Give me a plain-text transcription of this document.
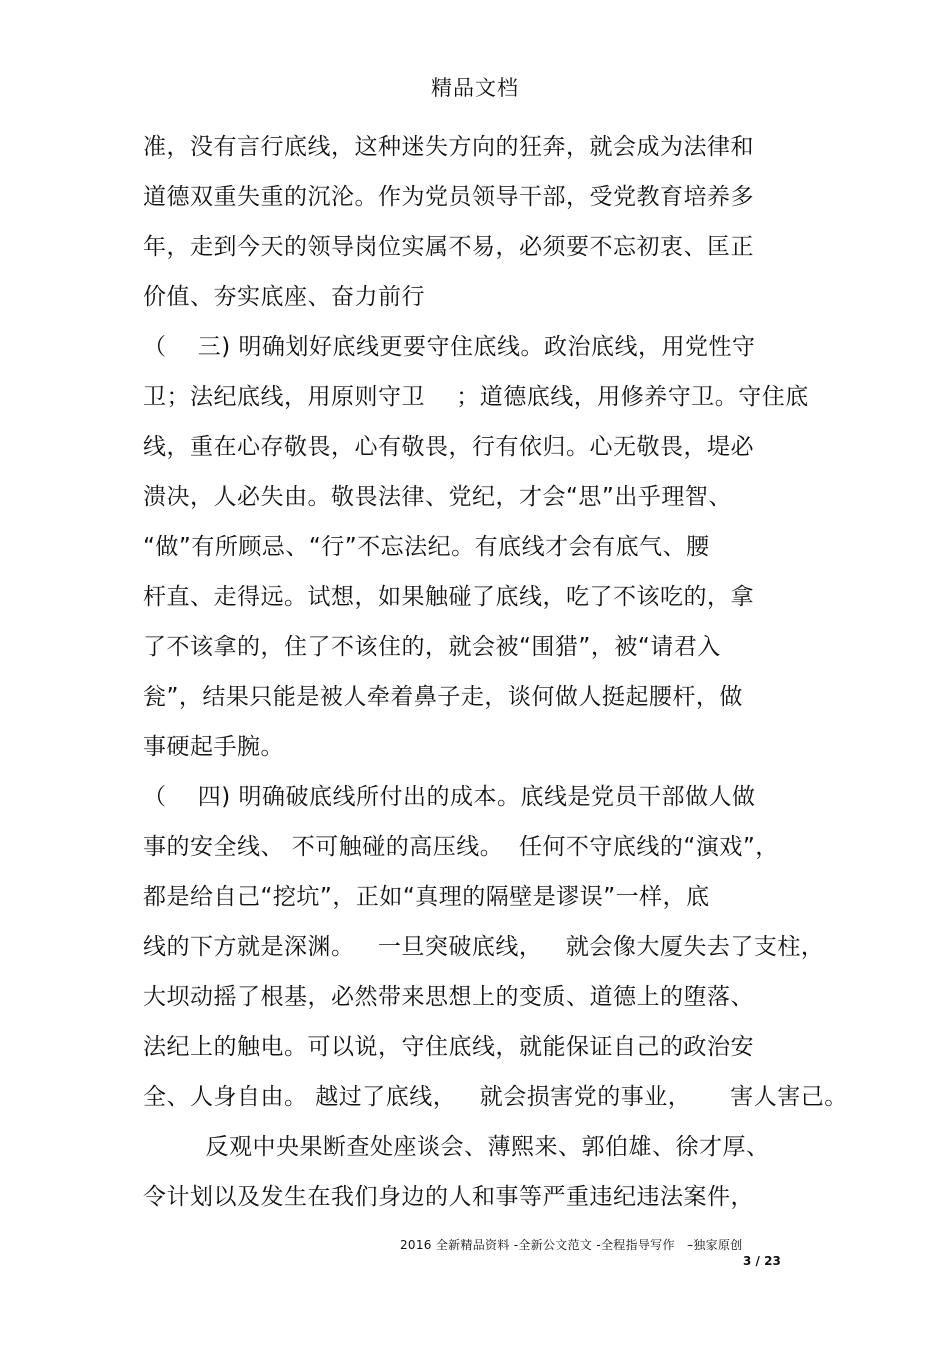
精品文档
准，没有言行底线，这种迷失方向的狂奔，就会成为法律和
道德双重失重的沉沦。作为党员领导干部，受党教育培养多
年，走到今天的领导岗位实属不易，必须要不忘初衷、匡正
价值、夯实底座、奋力前行
（    三) 明确划好底线更要守住底线。政治底线，用党性守
卫；法纪底线，用原则守卫    ；道德底线，用修养守卫。守住底
线，重在心存敬畏，心有敬畏，行有依归。心无敬畏，堤必
溃决，人必失由。敬畏法律、党纪，才会“思”出乎理智、
“做”有所顾忌、“行”不忘法纪。有底线才会有底气、腰
杆直、走得远。试想，如果触碰了底线，吃了不该吃的，拿
了不该拿的，住了不该住的，就会被“围猎”，被“请君入
瓮”，结果只能是被人牵着鼻子走，谈何做人挺起腰杆，做
事硬起手腕。
（    四) 明确破底线所付出的成本。底线是党员干部做人做
事的安全线、 不可触碰的高压线。  任何不守底线的“演戏”，
都是给自己“挖坑”，正如“真理的隔壁是谬误”一样，底
线的下方就是深渊。   一旦突破底线，   就会像大厦失去了支柱，
大坝动摇了根基，必然带来思想上的变质、道德上的堕落、
法纪上的触电。可以说，守住底线，就能保证自己的政治安
全、人身自由。 越过了底线，   就会损害党的事业，     害人害己。
反观中央果断查处座谈会、薄熙来、郭伯雄、徐才厚、
令计划以及发生在我们身边的人和事等严重违纪违法案件，
2016 全新精品资料 -全新公文范文 -全程指导写作   –独家原创
3 / 23
